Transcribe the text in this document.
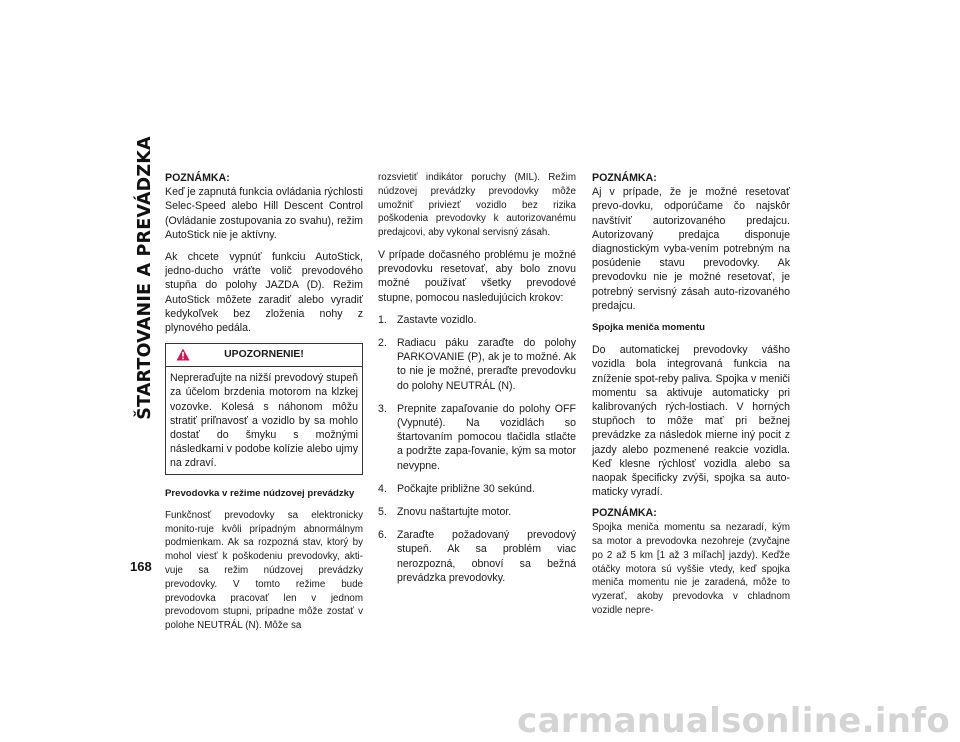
ŠTARTOVANIE A PREVÁDZKA POZNÁMKA:
Keď je zapnutá funkcia ovládania rýchlosti Selec-Speed alebo Hill Descent Control (Ovládanie zostupovania zo svahu), režim AutoStick nie je aktívny.

Ak chcete vypnúť funkciu AutoStick, jedno-ducho vráťte volič prevodového stupňa do polohy JAZDA (D). Režim AutoStick môžete zaradiť alebo vyradiť kedykoľvek bez zloženia nohy z plynového pedála.

UPOZORNENIE!
Nepreraďujte na nižší prevodový stupeň za účelom brzdenia motorom na klzkej vozovke. Kolesá s náhonom môžu stratiť priľnavosť a vozidlo by sa mohlo dostať do šmyku s možnými následkami v podobe kolízie alebo ujmy na zdraví.
Prevodovka v režime núdzovej prevádzky

Funkčnosť prevodovky sa elektronicky monito-ruje kvôli prípadným abnormálnym podmienkam. Ak sa rozpozná stav, ktorý by mohol viesť k poškodeniu prevodovky, akti-vuje sa režim núdzovej prevádzky prevodovky. V tomto režime bude prevodovka pracovať len v jednom prevodovom stupni, prípadne môže zostať v polohe NEUTRÁL (N). Môže sa

rozsvietiť indikátor poruchy (MIL). Režim núdzovej prevádzky prevodovky môže umožniť priviezť vozidlo bez rizika poškodenia prevodovky k autorizovanému predajcovi, aby vykonal servisný zásah.

V prípade dočasného problému je možné prevodovku resetovať, aby bolo znovu možné používať všetky prevodové stupne, pomocou nasledujúcich krokov:

1. Zastavte vozidlo.
2. Radiacu páku zaraďte do polohy PARKOVANIE (P), ak je to možné. Ak to nie je možné, preraďte prevodovku do polohy NEUTRÁL (N).
3. Prepnite zapaľovanie do polohy OFF (Vypnuté). Na vozidlách so štartovaním pomocou tlačidla stlačte a podržte zapa-ľovanie, kým sa motor nevypne.
4. Počkajte približne 30 sekúnd.
5. Znovu naštartujte motor.
6. Zaraďte požadovaný prevodový stupeň. Ak sa problém viac nerozpozná, obnoví sa bežná prevádzka prevodovky.

POZNÁMKA:
Aj v prípade, že je možné resetovať prevo-dovku, odporúčame čo najskôr navštíviť autorizovaného predajcu. Autorizovaný predajca disponuje diagnostickým vyba-vením potrebným na posúdenie stavu prevodovky. Ak prevodovku nie je možné resetovať, je potrebný servisný zásah auto-rizovaného predajcu.

Spojka meniča momentu

Do automatickej prevodovky vášho vozidla bola integrovaná funkcia na zníženie spot-reby paliva. Spojka v meniči momentu sa aktivuje automaticky pri kalibrovaných rých-lostiach. V horných stupňoch to môže mať pri bežnej prevádzke za následok mierne iný pocit z jazdy alebo pozmenené reakcie vozidla. Keď klesne rýchlosť vozidla alebo sa naopak špecificky zvýši, spojka sa auto-maticky vyradí.

POZNÁMKA:
Spojka meniča momentu sa nezaradí, kým sa motor a prevodovka nezohreje (zvyčajne po 2 až 5 km [1 až 3 míľach] jazdy). Keďže otáčky motora sú vyššie vtedy, keď spojka meniča momentu nie je zaradená, môže to vyzerať, akoby prevodovka v chladnom vozidle nepre-

168
carmanualsonline.info
